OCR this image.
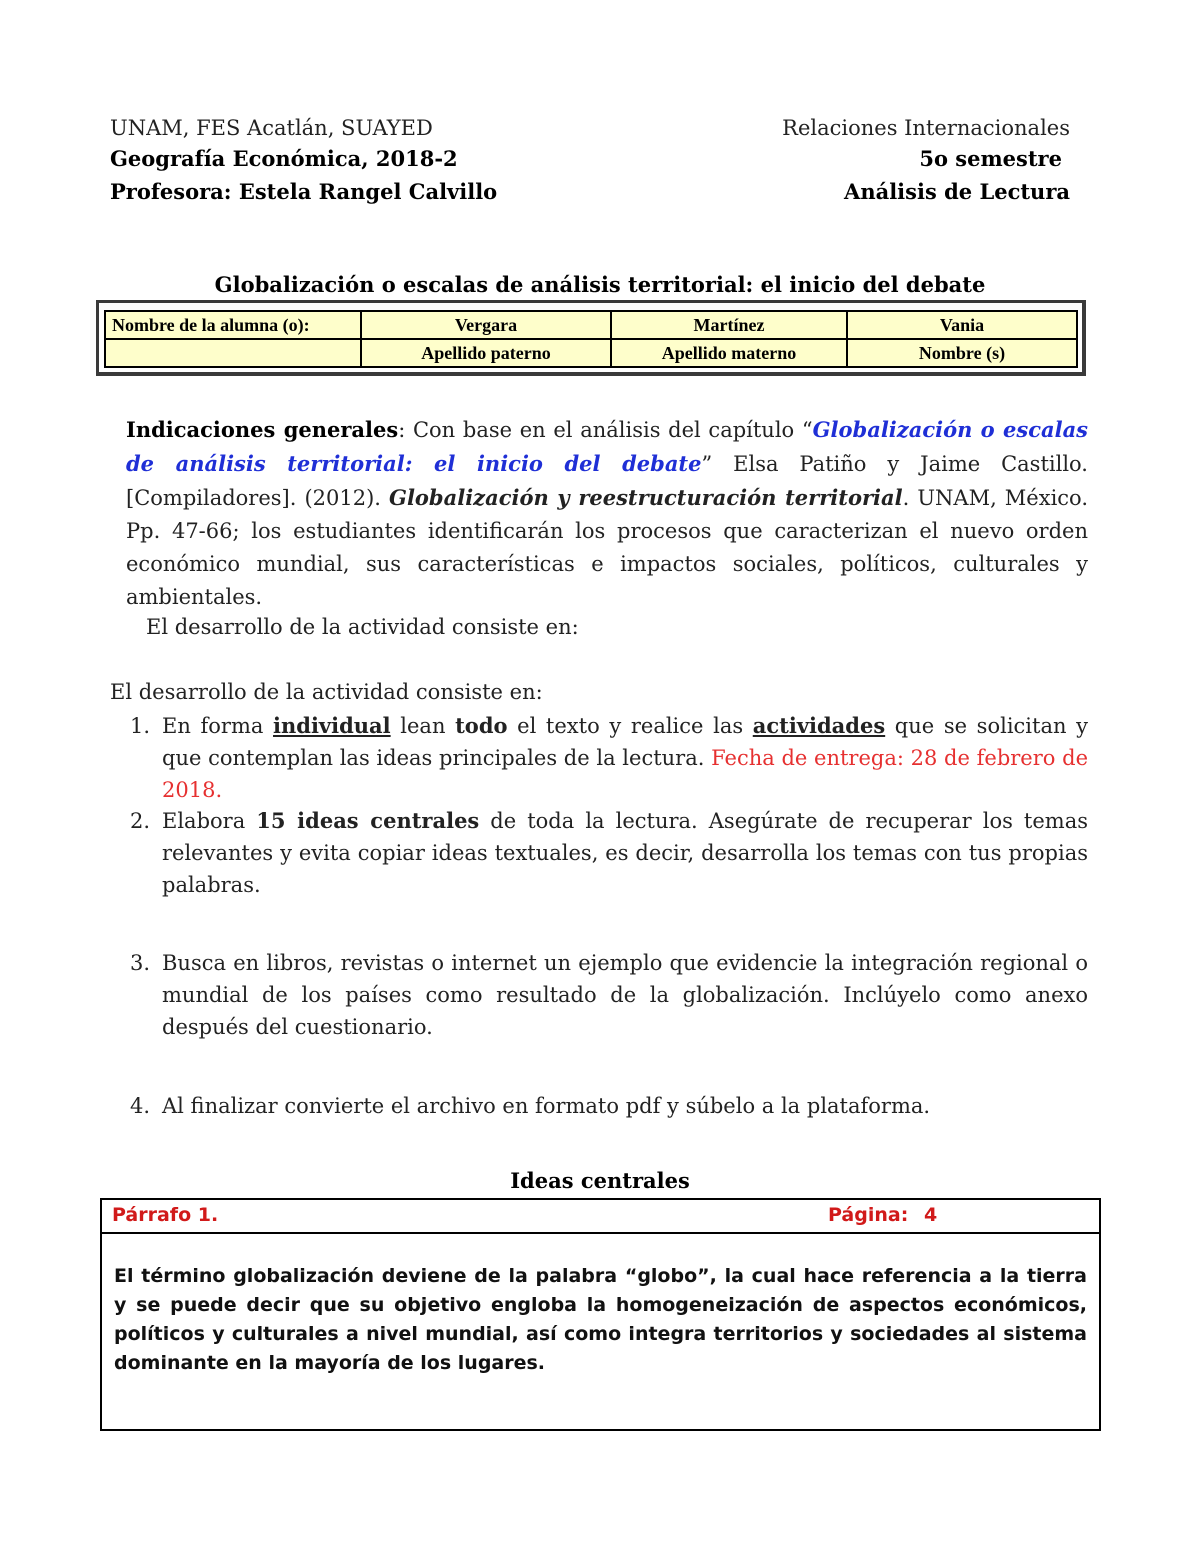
UNAM, FES Acatlán, SUAYED	Relaciones Internacionales
Geografía Económica, 2018-2	5o semestre
Profesora: Estela Rangel Calvillo	Análisis de Lectura
Globalización o escalas de análisis territorial: el inicio del debate
Nombre de la alumna (o):	Vergara	Martínez	Vania
	Apellido paterno	Apellido materno	Nombre (s)
Indicaciones generales: Con base en el análisis del capítulo “Globalización o escalas de análisis territorial: el inicio del debate” Elsa Patiño y Jaime Castillo. [Compiladores]. (2012). Globalización y reestructuración territorial. UNAM, México. Pp. 47-66; los estudiantes identificarán los procesos que caracterizan el nuevo orden económico mundial, sus características e impactos sociales, políticos, culturales y ambientales.
El desarrollo de la actividad consiste en:
El desarrollo de la actividad consiste en:
1. En forma individual lean todo el texto y realice las actividades que se solicitan y que contemplan las ideas principales de la lectura. Fecha de entrega: 28 de febrero de 2018.
2. Elabora 15 ideas centrales de toda la lectura. Asegúrate de recuperar los temas relevantes y evita copiar ideas textuales, es decir, desarrolla los temas con tus propias palabras.
3. Busca en libros, revistas o internet un ejemplo que evidencie la integración regional o mundial de los países como resultado de la globalización. Inclúyelo como anexo después del cuestionario.
4. Al finalizar convierte el archivo en formato pdf y súbelo a la plataforma.
Ideas centrales
Párrafo 1.	Página: 4
El término globalización deviene de la palabra “globo”, la cual hace referencia a la tierra y se puede decir que su objetivo engloba la homogeneización de aspectos económicos, políticos y culturales a nivel mundial, así como integra territorios y sociedades al sistema dominante en la mayoría de los lugares.
